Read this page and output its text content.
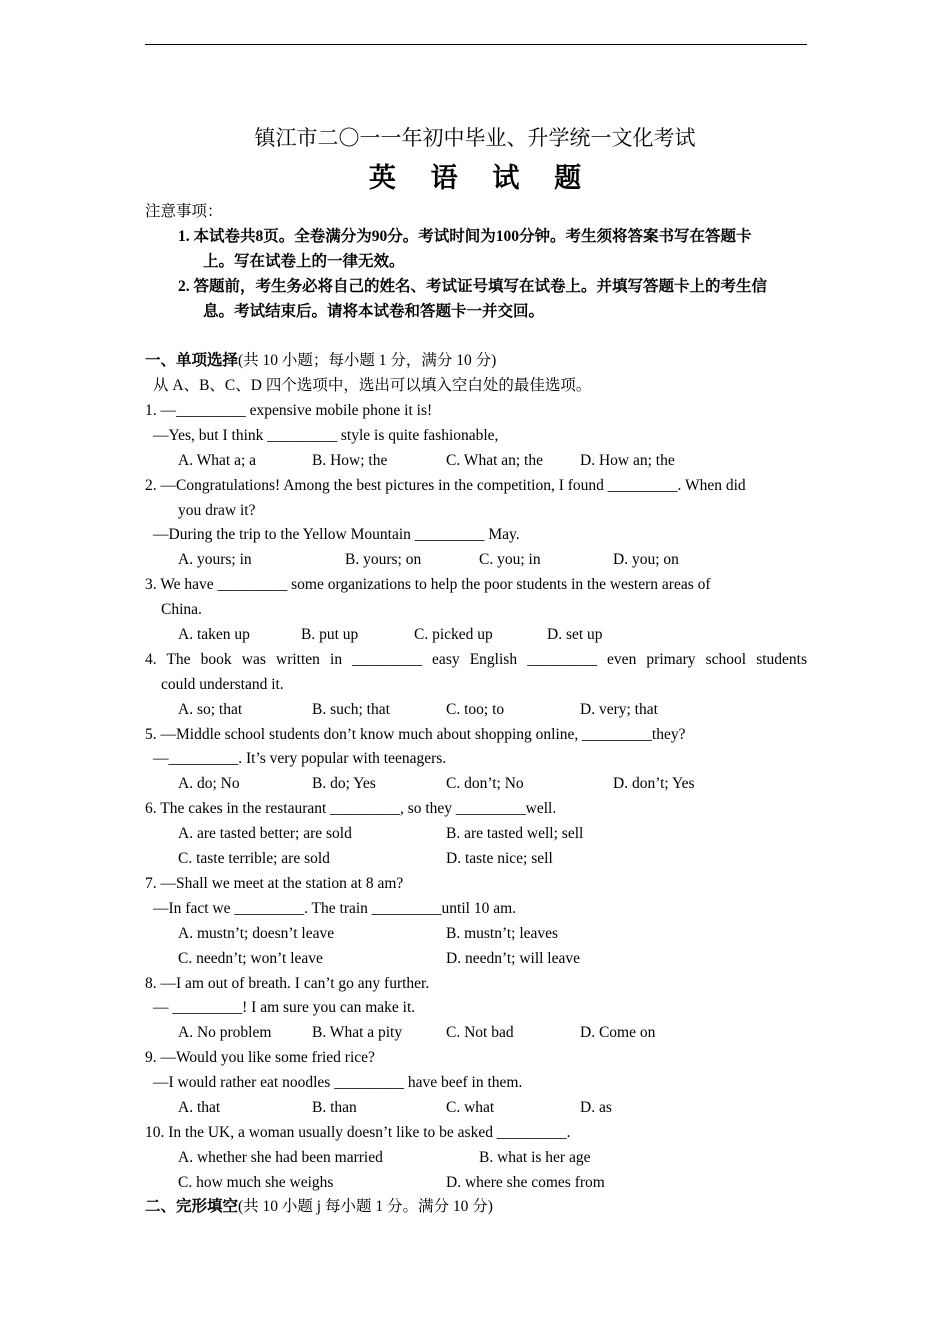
镇江市二〇一一年初中毕业、升学统一文化考试
英 语 试 题
注意事项：
1. 本试卷共8页。全卷满分为90分。考试时间为100分钟。考生须将答案书写在答题卡
上。写在试卷上的一律无效。
2. 答题前，考生务必将自己的姓名、考试证号填写在试卷上。并填写答题卡上的考生信
息。考试结束后。请将本试卷和答题卡一并交回。
一、单项选择(共 10 小题；每小题 1 分，满分 10 分)
从 A、B、C、D 四个选项中，选出可以填入空白处的最佳选项。
1. —_________ expensive mobile phone it is!
—Yes, but I think _________ style is quite fashionable,
A. What a; a	B. How; the	C. What an; the D. How an; the
2. —Congratulations! Among the best pictures in the competition, I found _________. When did
you draw it?
—During the trip to the Yellow Mountain _________ May.
A. yours; in	B. yours; on	C. you; in	D. you; on
3. We have _________ some organizations to help the poor students in the western areas of
China.
A. taken up	B. put up	C. picked up	D. set up
4. The book was written in _________ easy English _________ even primary school students
could understand it.
A. so; that	B. such; that	C. too; to	D. very; that
5. —Middle school students don’t know much about shopping online, _________they?
—_________. It’s very popular with teenagers.
A. do; No	B. do; Yes	C. don’t; No	D. don’t; Yes
6. The cakes in the restaurant _________, so they _________well.
A. are tasted better; are sold	B. are tasted well; sell
C. taste terrible; are sold	D. taste nice; sell
7. —Shall we meet at the station at 8 am?
—In fact we _________. The train _________until 10 am.
A. mustn’t; doesn’t leave	B. mustn’t; leaves
C. needn’t; won’t leave	D. needn’t; will leave
8. —I am out of breath. I can’t go any further.
— _________! I am sure you can make it.
A. No problem	B. What a pity	C. Not bad	D. Come on
9. —Would you like some fried rice?
—I would rather eat noodles _________ have beef in them.
A. that	B. than	C. what	D. as
10. In the UK, a woman usually doesn’t like to be asked _________.
A. whether she had been married	B. what is her age
C. how much she weighs	D. where she comes from
二、完形填空(共 10 小题 j 每小题 1 分。满分 10 分)
